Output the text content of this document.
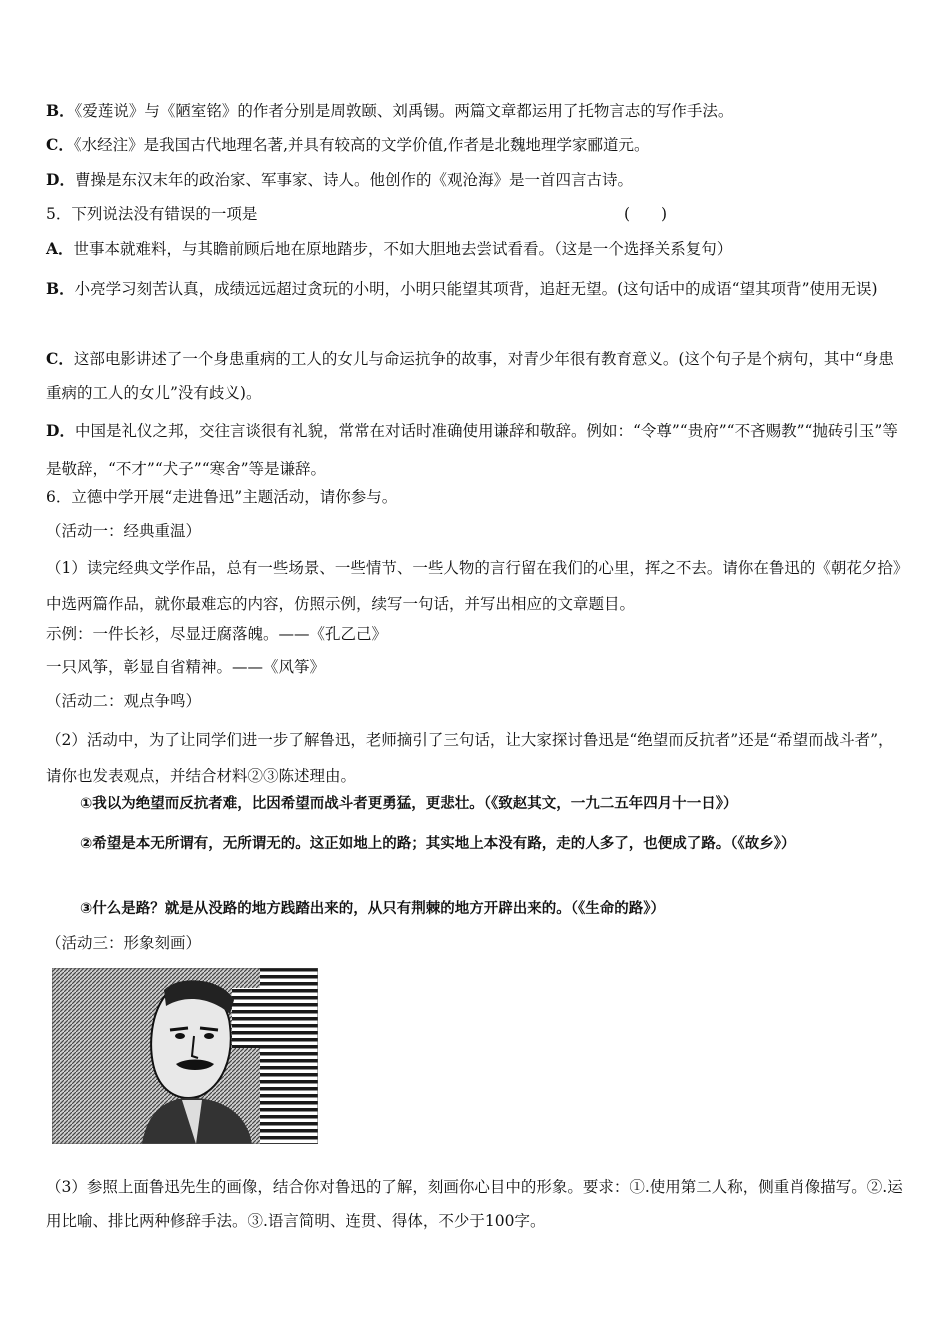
B．《爱莲说》与《陋室铭》的作者分别是周敦颐、刘禹锡。两篇文章都运用了托物言志的写作手法。
C．《水经注》是我国古代地理名著,并具有较高的文学价值,作者是北魏地理学家郦道元。
D．曹操是东汉末年的政治家、军事家、诗人。他创作的《观沧海》是一首四言古诗。
5．下列说法没有错误的一项是	(　　)
A．世事本就难料，与其瞻前顾后地在原地踏步，不如大胆地去尝试看看。（这是一个选择关系复句）
B．小亮学习刻苦认真，成绩远远超过贪玩的小明，小明只能望其项背，追赶无望。(这句话中的成语“望其项背”使用无误)
C．这部电影讲述了一个身患重病的工人的女儿与命运抗争的故事，对青少年很有教育意义。(这个句子是个病句，其中“身患重病的工人的女儿”没有歧义)。
D．中国是礼仪之邦，交往言谈很有礼貌，常常在对话时准确使用谦辞和敬辞。例如：“令尊”“贵府”“不吝赐教”“抛砖引玉”等是敬辞，“不才”“犬子”“寒舍”等是谦辞。
6．立德中学开展“走进鲁迅”主题活动，请你参与。
（活动一：经典重温）
（1）读完经典文学作品，总有一些场景、一些情节、一些人物的言行留在我们的心里，挥之不去。请你在鲁迅的《朝花夕拾》中选两篇作品，就你最难忘的内容，仿照示例，续写一句话，并写出相应的文章题目。
示例：一件长衫，尽显迂腐落魄。——《孔乙己》
一只风筝，彰显自省精神。——《风筝》
（活动二：观点争鸣）
（2）活动中，为了让同学们进一步了解鲁迅，老师摘引了三句话，让大家探讨鲁迅是“绝望而反抗者”还是“希望而战斗者”，请你也发表观点，并结合材料②③陈述理由。
①我以为绝望而反抗者难，比因希望而战斗者更勇猛，更悲壮。（《致赵其文，一九二五年四月十一日》）
②希望是本无所谓有，无所谓无的。这正如地上的路；其实地上本没有路，走的人多了，也便成了路。（《故乡》）
③什么是路？就是从没路的地方践踏出来的，从只有荆棘的地方开辟出来的。（《生命的路》）
（活动三：形象刻画）
（3）参照上面鲁迅先生的画像，结合你对鲁迅的了解，刻画你心目中的形象。要求：①.使用第二人称，侧重肖像描写。②.运用比喻、排比两种修辞手法。③.语言简明、连贯、得体，不少于100字。
